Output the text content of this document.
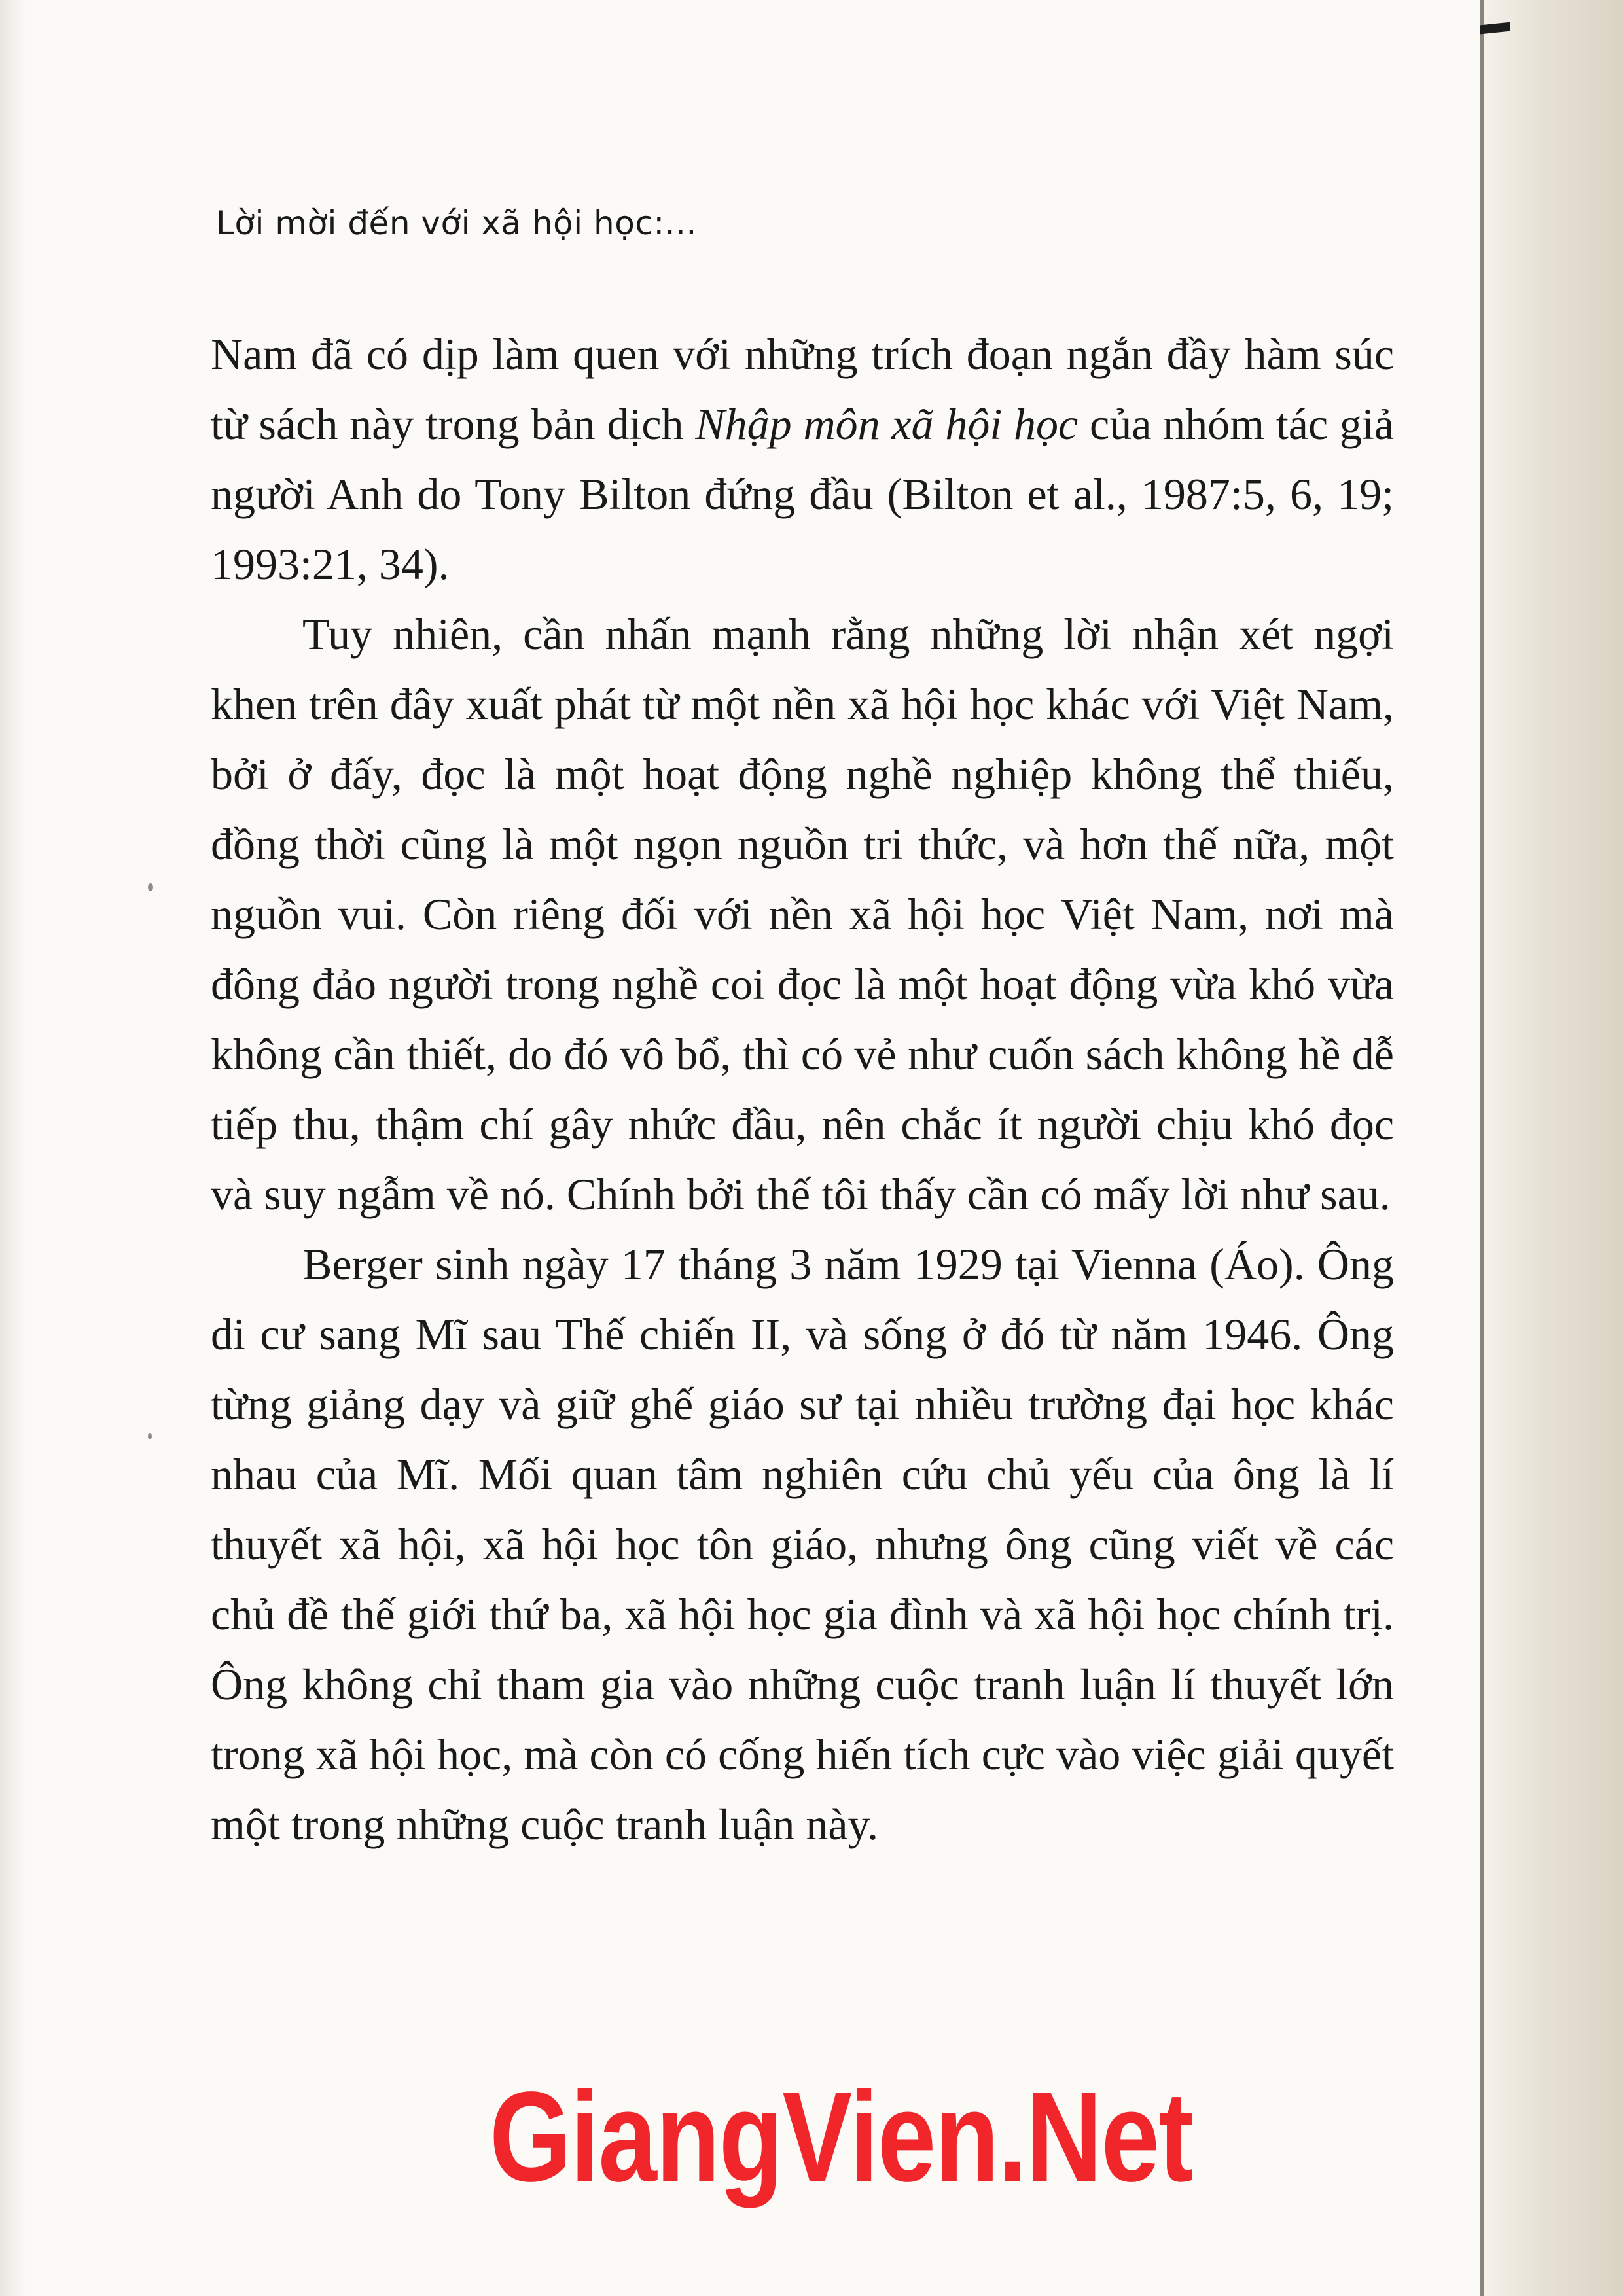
Lời mời đến với xã hội học:...

Nam đã có dịp làm quen với những trích đoạn ngắn đầy hàm súc từ sách này trong bản dịch Nhập môn xã hội học của nhóm tác giả người Anh do Tony Bilton đứng đầu (Bilton et al., 1987:5, 6, 19; 1993:21, 34).

Tuy nhiên, cần nhấn mạnh rằng những lời nhận xét ngợi khen trên đây xuất phát từ một nền xã hội học khác với Việt Nam, bởi ở đấy, đọc là một hoạt động nghề nghiệp không thể thiếu, đồng thời cũng là một ngọn nguồn tri thức, và hơn thế nữa, một nguồn vui. Còn riêng đối với nền xã hội học Việt Nam, nơi mà đông đảo người trong nghề coi đọc là một hoạt động vừa khó vừa không cần thiết, do đó vô bổ, thì có vẻ như cuốn sách không hề dễ tiếp thu, thậm chí gây nhức đầu, nên chắc ít người chịu khó đọc và suy ngẫm về nó. Chính bởi thế tôi thấy cần có mấy lời như sau.

Berger sinh ngày 17 tháng 3 năm 1929 tại Vienna (Áo). Ông di cư sang Mĩ sau Thế chiến II, và sống ở đó từ năm 1946. Ông từng giảng dạy và giữ ghế giáo sư tại nhiều trường đại học khác nhau của Mĩ. Mối quan tâm nghiên cứu chủ yếu của ông là lí thuyết xã hội, xã hội học tôn giáo, nhưng ông cũng viết về các chủ đề thế giới thứ ba, xã hội học gia đình và xã hội học chính trị. Ông không chỉ tham gia vào những cuộc tranh luận lí thuyết lớn trong xã hội học, mà còn có cống hiến tích cực vào việc giải quyết một trong những cuộc tranh luận này.

GiangVien.Net
